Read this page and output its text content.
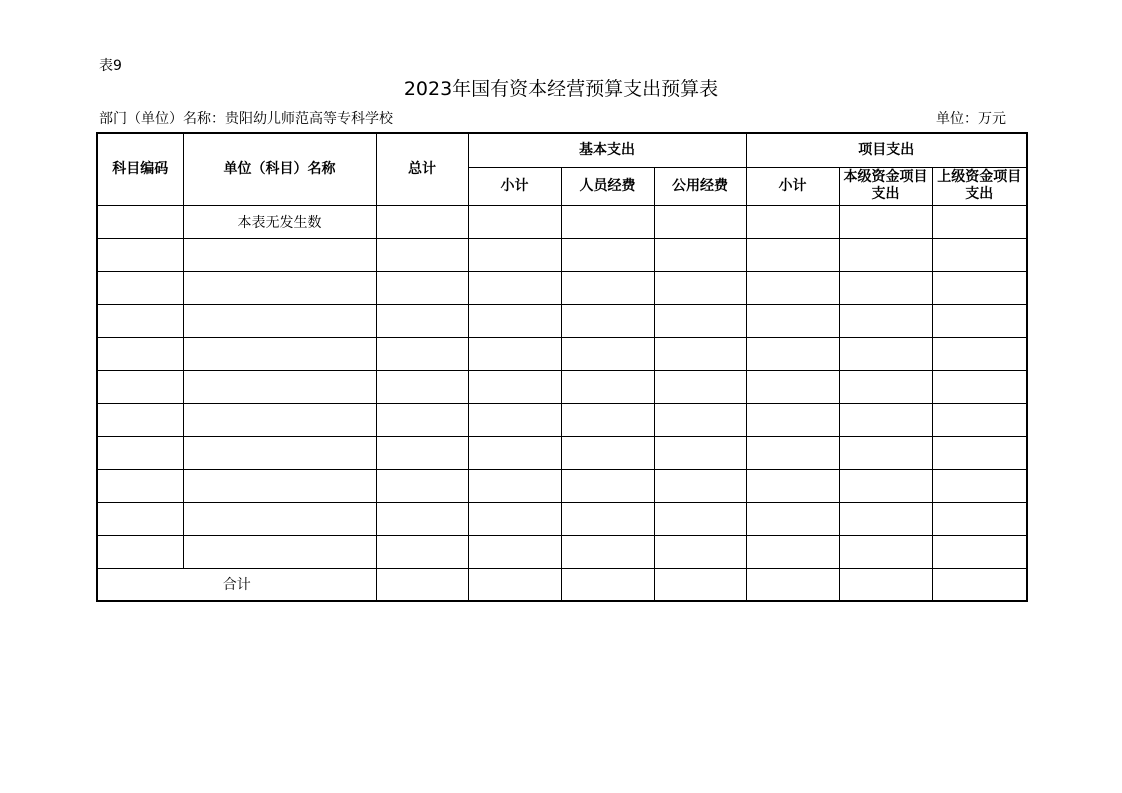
表9
2023年国有资本经营预算支出预算表
部门（单位）名称：贵阳幼儿师范高等专科学校	单位：万元
科目编码	单位（科目）名称	总计	基本支出			项目支出		
			小计	人员经费	公用经费	小计	本级资金项目支出	上级资金项目支出
	本表无发生数							

合计								
